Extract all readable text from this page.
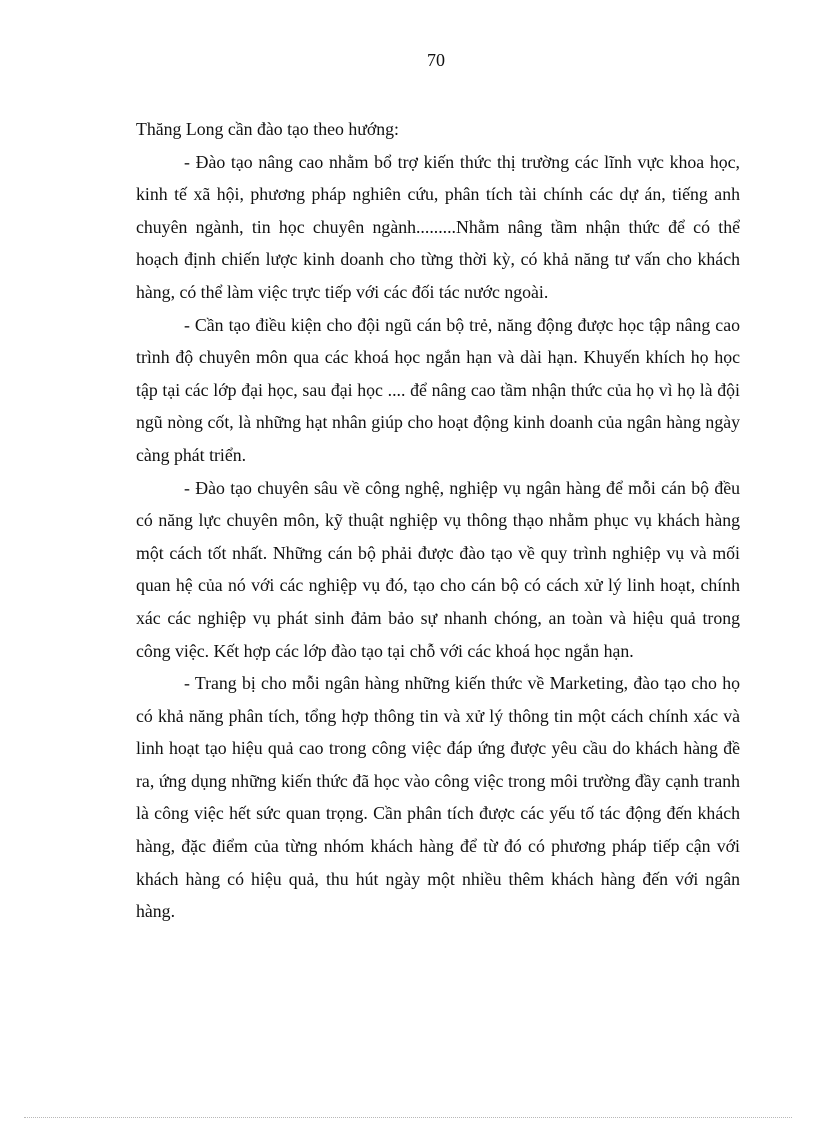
70

Thăng Long cần đào tạo theo hướng:

- Đào tạo nâng cao nhằm bổ trợ kiến thức thị trường các lĩnh vực khoa học, kinh tế xã hội, phương pháp nghiên cứu, phân tích tài chính các dự án, tiếng anh chuyên ngành, tin học chuyên ngành.........Nhằm nâng tầm nhận thức để có thể hoạch định chiến lược kinh doanh cho từng thời kỳ, có khả năng tư vấn cho khách hàng, có thể làm việc trực tiếp với các đối tác nước ngoài.

- Cần tạo điều kiện cho đội ngũ cán bộ trẻ, năng động được học tập nâng cao trình độ chuyên môn qua các khoá học ngắn hạn và dài hạn. Khuyến khích họ học tập tại các lớp đại học, sau đại học .... để nâng cao tầm nhận thức của họ vì họ là đội ngũ nòng cốt, là những hạt nhân giúp cho hoạt động kinh doanh của ngân hàng ngày càng phát triển.

- Đào tạo chuyên sâu về công nghệ, nghiệp vụ ngân hàng để mỗi cán bộ đều có năng lực chuyên môn, kỹ thuật nghiệp vụ thông thạo nhằm phục vụ khách hàng một cách tốt nhất. Những cán bộ phải được đào tạo về quy trình nghiệp vụ và mối quan hệ của nó với các nghiệp vụ đó, tạo cho cán bộ có cách xử lý linh hoạt, chính xác các nghiệp vụ phát sinh đảm bảo sự nhanh chóng, an toàn và hiệu quả trong công việc. Kết hợp các lớp đào tạo tại chỗ với các khoá học ngắn hạn.

- Trang bị cho mỗi ngân hàng những kiến thức về Marketing, đào tạo cho họ có khả năng phân tích, tổng hợp thông tin và xử lý thông tin một cách chính xác và linh hoạt tạo hiệu quả cao trong công việc đáp ứng được yêu cầu do khách hàng đề ra, ứng dụng những kiến thức đã học vào công việc trong môi trường đầy cạnh tranh là công việc hết sức quan trọng. Cần phân tích được các yếu tố tác động đến khách hàng, đặc điểm của từng nhóm khách hàng để từ đó có phương pháp tiếp cận với khách hàng có hiệu quả, thu hút ngày một nhiều thêm khách hàng đến với ngân hàng.
